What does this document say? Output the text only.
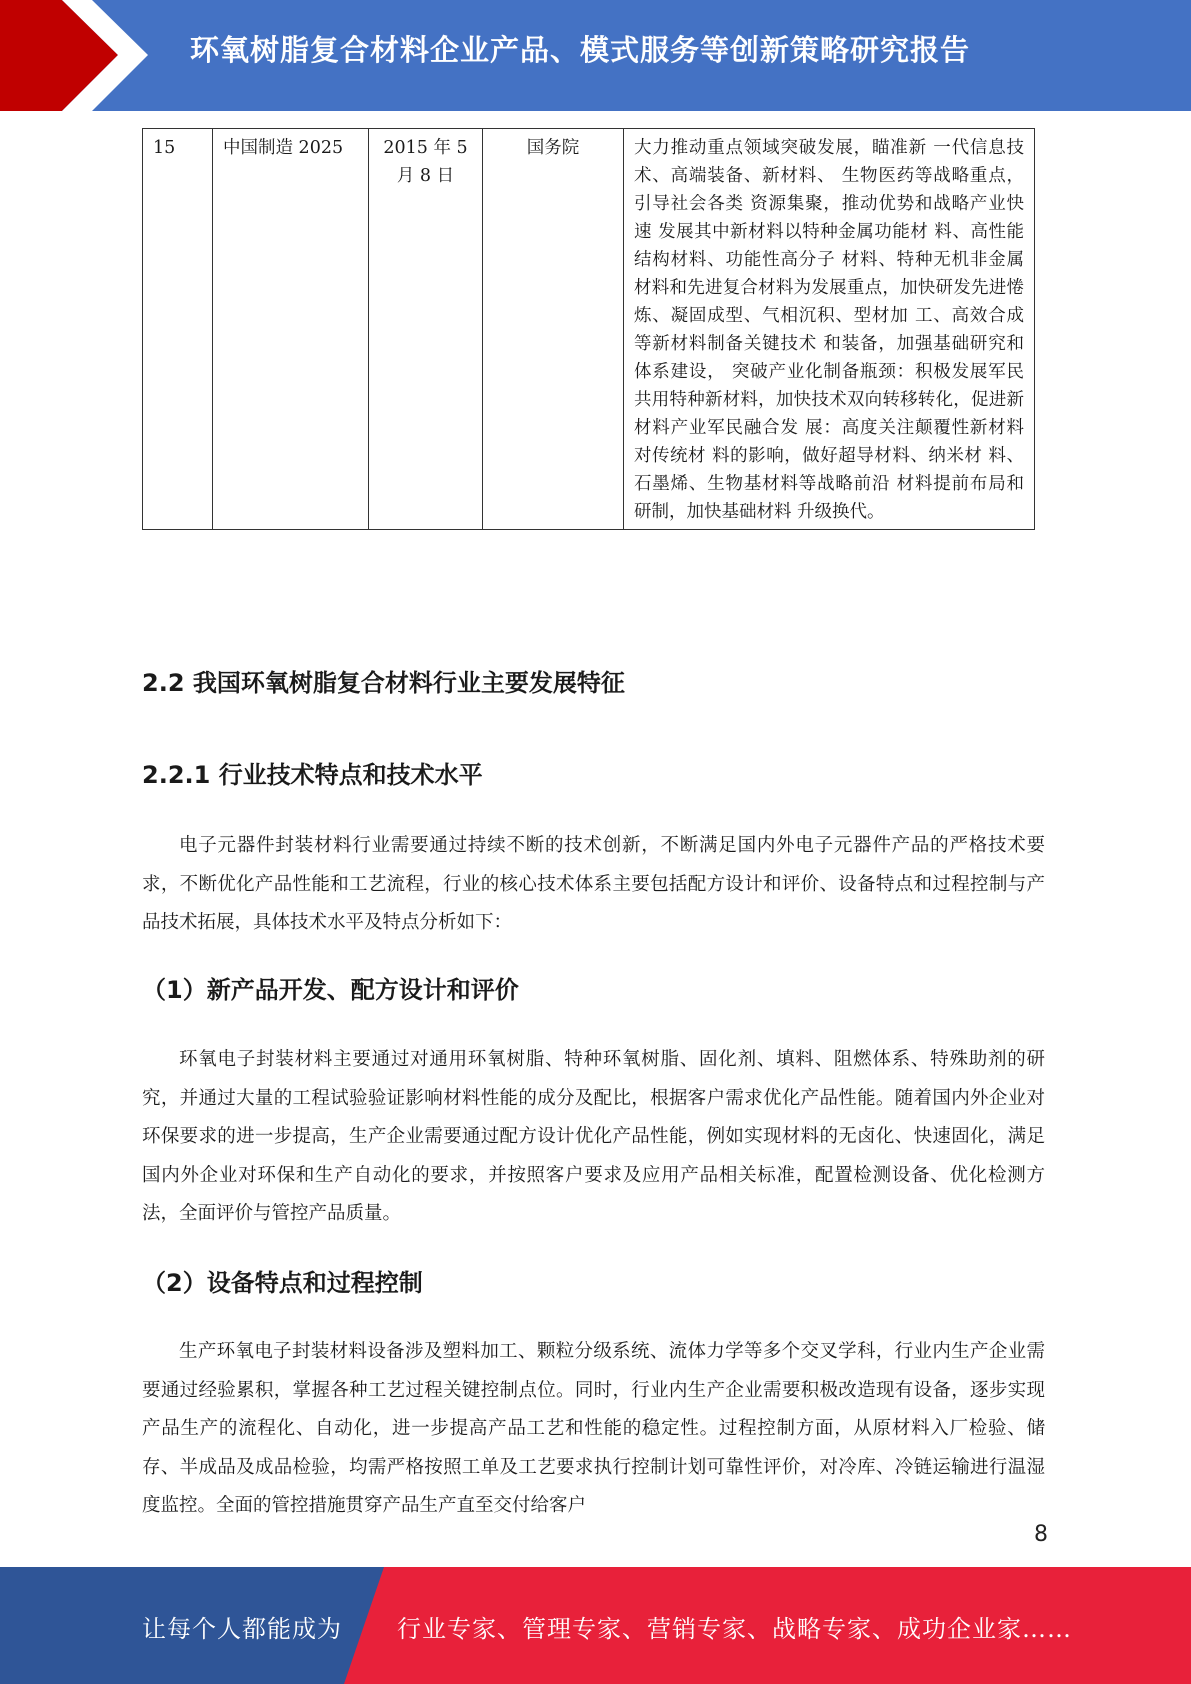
环氧树脂复合材料企业产品、模式服务等创新策略研究报告
15	中国制造 2025	2015 年 5 月 8 日	国务院	大力推动重点领域突破发展，瞄准新 一代信息技术、高端装备、新材料、 生物医药等战略重点，引导社会各类 资源集聚，推动优势和战略产业快速 发展其中新材料以特种金属功能材 料、高性能结构材料、功能性高分子 材料、特种无机非金属材料和先进复合材料为发展重点，加快研发先进惓 炼、凝固成型、气相沉积、型材加 工、高效合成等新材料制备关键技术 和装备，加强基础研究和体系建设， 突破产业化制备瓶颈：积极发展军民 共用特种新材料，加快技术双向转移转化，促进新材料产业军民融合发 展：高度关注颠覆性新材料对传统材 料的影响，做好超导材料、纳米材 料、石墨烯、生物基材料等战略前沿 材料提前布局和研制，加快基础材料 升级换代。
2.2 我国环氧树脂复合材料行业主要发展特征
2.2.1 行业技术特点和技术水平

电子元器件封装材料行业需要通过持续不断的技术创新，不断满足国内外电子元器件产品的严格技术要求，不断优化产品性能和工艺流程，行业的核心技术体系主要包括配方设计和评价、设备特点和过程控制与产品技术拓展，具体技术水平及特点分析如下：

（1）新产品开发、配方设计和评价

环氧电子封装材料主要通过对通用环氧树脂、特种环氧树脂、固化剂、填料、阻燃体系、特殊助剂的研究，并通过大量的工程试验验证影响材料性能的成分及配比，根据客户需求优化产品性能。随着国内外企业对环保要求的进一步提高，生产企业需要通过配方设计优化产品性能，例如实现材料的无卤化、快速固化，满足国内外企业对环保和生产自动化的要求，并按照客户要求及应用产品相关标准，配置检测设备、优化检测方法，全面评价与管控产品质量。

（2）设备特点和过程控制

生产环氧电子封装材料设备涉及塑料加工、颗粒分级系统、流体力学等多个交叉学科，行业内生产企业需要通过经验累积，掌握各种工艺过程关键控制点位。同时，行业内生产企业需要积极改造现有设备，逐步实现产品生产的流程化、自动化，进一步提高产品工艺和性能的稳定性。过程控制方面，从原材料入厂检验、储存、半成品及成品检验，均需严格按照工单及工艺要求执行控制计划可靠性评价，对冷库、冷链运输进行温湿度监控。全面的管控措施贯穿产品生产直至交付给客户

8
让每个人都能成为 行业专家、管理专家、营销专家、战略专家、成功企业家……
